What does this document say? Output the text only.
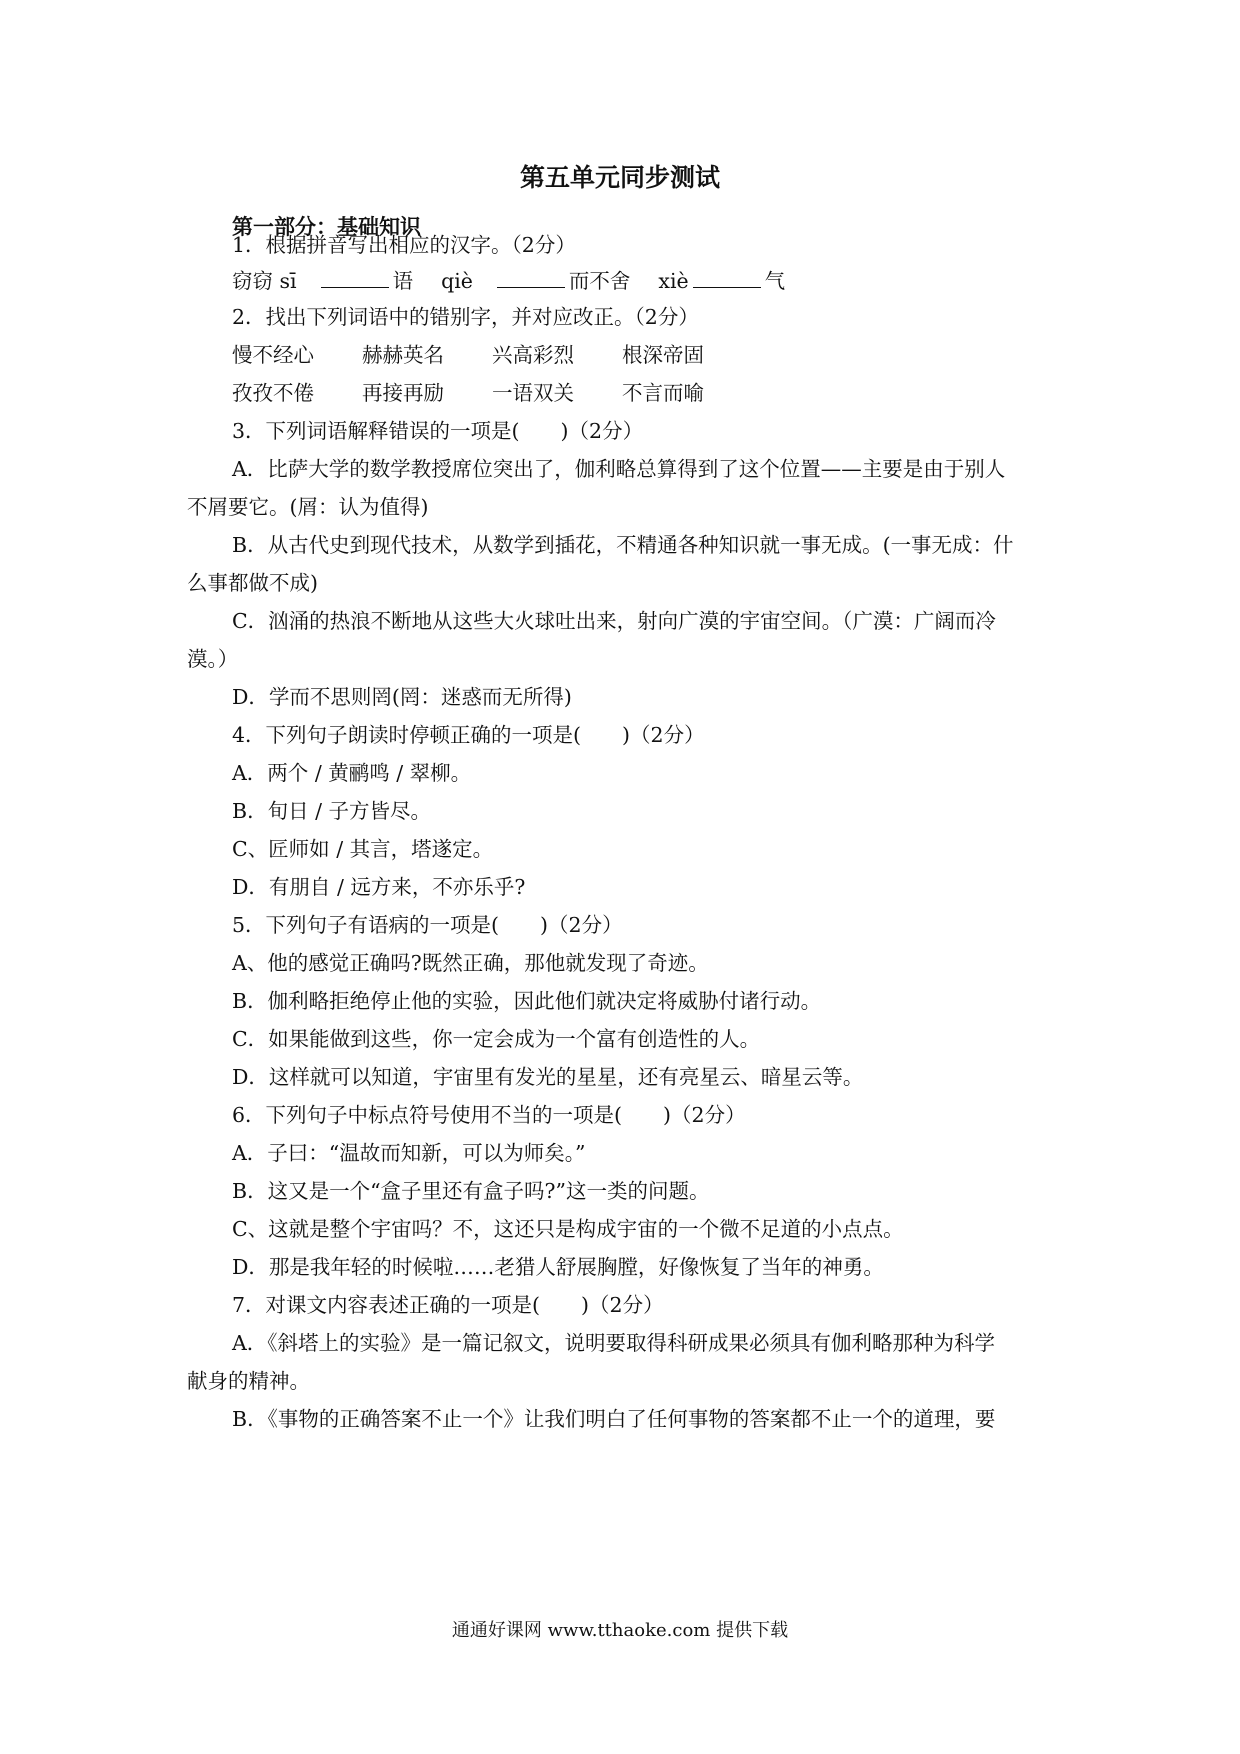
第五单元同步测试

第一部分：基础知识

1．根据拼音写出相应的汉字。（2分）

窃窃 sī	语 qiè	而不舍 xiè	气

2．找出下列词语中的错别字，并对应改正。（2分）

慢不经心 赫赫英名 兴高彩烈 根深帝固

孜孜不倦 再接再励 一语双关 不言而喻

3．下列词语解释错误的一项是(　　)（2分）

A．比萨大学的数学教授席位突出了，伽利略总算得到了这个位置——主要是由于别人

不屑要它。(屑：认为值得)

B．从古代史到现代技术，从数学到插花，不精通各种知识就一事无成。(一事无成：什

么事都做不成)

C．汹涌的热浪不断地从这些大火球吐出来，射向广漠的宇宙空间。（广漠：广阔而冷

漠。）

D．学而不思则罔(罔：迷惑而无所得)

4．下列句子朗读时停顿正确的一项是(　　)（2分）

A．两个 / 黄鹂鸣 / 翠柳。

B．旬日 / 子方皆尽。

C、匠师如 / 其言，塔遂定。

D．有朋自 / 远方来，不亦乐乎?

5．下列句子有语病的一项是(　　)（2分）

A、他的感觉正确吗?既然正确，那他就发现了奇迹。

B．伽利略拒绝停止他的实验，因此他们就决定将威胁付诸行动。

C．如果能做到这些，你一定会成为一个富有创造性的人。

D．这样就可以知道，宇宙里有发光的星星，还有亮星云、暗星云等。

6．下列句子中标点符号使用不当的一项是(　　)（2分）

A．子曰：“温故而知新，可以为师矣。”

B．这又是一个“盒子里还有盒子吗?”这一类的问题。

C、这就是整个宇宙吗？不，这还只是构成宇宙的一个微不足道的小点点。

D．那是我年轻的时候啦……老猎人舒展胸膛，好像恢复了当年的神勇。

7．对课文内容表述正确的一项是(　　)（2分）

A．《斜塔上的实验》是一篇记叙文，说明要取得科研成果必须具有伽利略那种为科学

献身的精神。

B．《事物的正确答案不止一个》让我们明白了任何事物的答案都不止一个的道理，要

通通好课网 www.tthaoke.com 提供下载
